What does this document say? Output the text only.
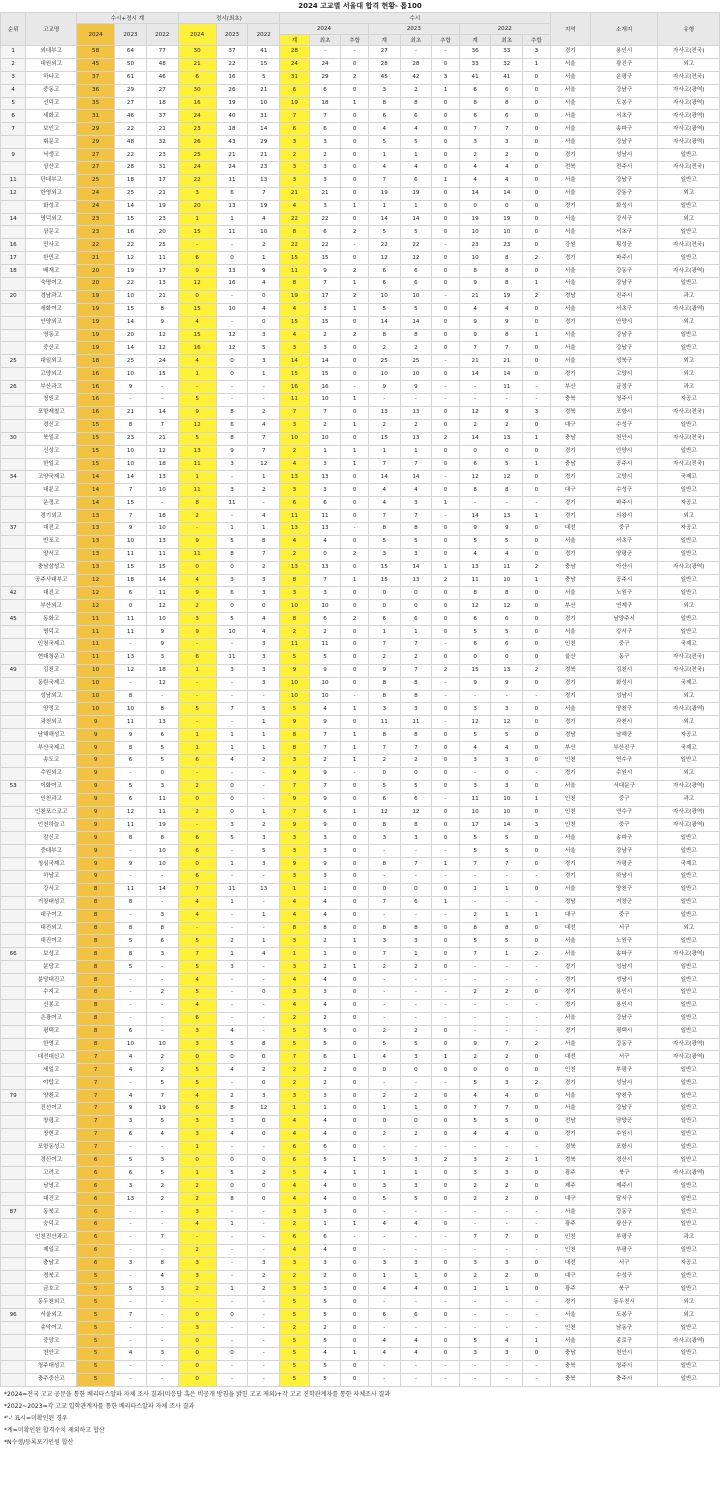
2024 고교별 서울대 합격 현황- 톱100
순위	고교명	수시+정시 계			정시(최초)			수시									지역	소재지	유형
		2024	2023	2022	2024	2023	2022	2024			2023			2022					
								계	최초	추합	계	최초	추합	계	최초	추합			
1	외대부고	58	64	77	30	37	41	28	-	-	27	-	-	36	33	3	경기	용인시	자사고(전국)
2	대원외고	45	50	48	21	22	15	24	24	0	28	28	0	33	32	1	서울	광진구	외고
3	하나고	37	61	46	6	16	5	31	29	2	45	42	3	41	41	0	서울	은평구	자사고(전국)
4	중동고	36	29	27	30	26	21	6	6	0	3	2	1	6	6	0	서울	강남구	자사고(광역)
5	선덕고	35	27	18	16	19	10	19	18	1	8	8	0	8	8	0	서울	도봉구	자사고(광역)
6	세화고	31	46	37	24	40	31	7	7	0	6	6	0	6	6	0	서울	서초구	자사고(광역)
7	보인고	29	22	21	23	18	14	6	6	0	4	4	0	7	7	0	서울	송파구	자사고(광역)
	휘문고	29	48	32	26	43	29	3	3	0	5	5	0	3	3	0	서울	강남구	자사고(광역)
9	낙생고	27	22	23	25	21	21	2	2	0	1	1	0	2	2	0	경기	성남시	일반고
	상산고	27	28	31	24	24	23	3	3	0	4	4	0	4	4	0	전북	전주시	자사고(전국)
11	단대부고	25	18	17	22	11	13	3	3	0	7	6	1	4	4	0	서울	강남구	일반고
12	한영외고	24	25	21	3	6	7	21	21	0	19	19	0	14	14	0	서울	강동구	외고
	화성고	24	14	19	20	13	19	4	3	1	1	1	0	0	0	0	경기	화성시	일반고
14	명덕외고	23	15	23	1	1	4	22	22	0	14	14	0	19	19	0	서울	강서구	외고
	상문고	23	16	20	15	11	10	8	6	2	5	5	0	10	10	0	서울	서초구	일반고
16	민사고	22	22	25	-	-	2	22	22	-	22	22	-	23	23	0	강원	횡성군	자사고(전국)
17	한민고	21	12	11	6	0	1	15	15	0	12	12	0	10	8	2	경기	파주시	일반고
18	배재고	20	19	17	9	13	9	11	9	2	6	6	0	8	8	0	서울	강동구	자사고(광역)
	숙명여고	20	22	13	12	16	4	8	7	1	6	6	0	9	8	1	서울	강남구	일반고
20	경남과고	19	10	21	0	-	0	19	17	2	10	10	-	21	19	2	경남	진주시	과고
	세화여고	19	15	8	15	10	4	4	3	1	5	5	0	4	4	0	서울	서초구	자사고(광역)
	안양외고	19	14	9	4	-	0	15	15	0	14	14	0	9	9	0	경기	안양시	외고
	영동고	19	20	12	15	12	3	4	2	2	8	8	0	9	8	1	서울	강남구	일반고
	중산고	19	14	12	16	12	5	3	3	0	2	2	0	7	7	0	서울	강남구	일반고
25	대일외고	18	25	24	4	0	3	14	14	0	25	25	-	21	21	0	서울	성북구	외고
	고양외고	16	10	15	1	0	1	15	15	0	10	10	0	14	14	0	경기	고양시	외고
26	부산과고	16	9	-	-	-	-	16	16	-	9	9	-	-	11	-	부산	금정구	과고
	청원고	16	-	-	5	-	-	11	10	1	-	-	-	-	-	-	충북	청주시	자공고
	포항제철고	16	21	14	9	8	2	7	7	0	13	13	0	12	9	3	경북	포항시	자사고(전국)
	경신고	15	8	7	12	6	4	3	2	1	2	2	0	2	2	0	대구	수성구	일반고
30	북일고	15	23	21	5	8	7	10	10	0	15	13	2	14	13	1	충남	천안시	자사고(전국)
	신성고	15	10	12	13	9	7	2	1	1	1	1	0	0	0	0	경기	안양시	일반고
	한일고	15	10	18	11	3	12	4	3	1	7	7	0	6	5	1	충남	공주시	자사고(전국)
34	고양국제고	14	14	13	1	-	1	13	13	0	14	14	-	12	12	0	경기	고양시	국제고
	대륜고	14	7	10	11	3	2	3	3	0	4	4	0	8	8	0	대구	수성구	일반고
	운정고	14	15	-	8	11	-	6	6	0	4	3	1	-	-	-	경기	파주시	자공고
	경기외고	13	7	18	2	-	4	11	11	0	7	7	-	14	13	1	경기	의왕시	외고
37	대전고	13	9	10	-	1	1	13	13	-	8	8	0	9	9	0	대전	중구	자공고
	반포고	13	10	13	9	5	8	4	4	0	5	5	0	5	5	0	서울	서초구	일반고
	양서고	13	11	11	11	8	7	2	0	2	3	3	0	4	4	0	경기	양평군	일반고
	충남삼성고	13	15	15	0	0	2	13	13	0	15	14	1	13	11	2	충남	아산시	자사고(광역)
	공주사대부고	12	18	14	4	3	3	8	7	1	15	13	2	11	10	1	충남	공주시	일반고
42	대진고	12	6	11	9	6	3	3	3	0	0	0	0	8	8	0	서울	노원구	일반고
	부산외고	12	0	12	2	0	0	10	10	0	0	0	0	12	12	0	부산	연제구	외고
45	동화고	11	11	10	3	5	4	8	6	2	6	6	0	6	6	0	경기	남양주시	일반고
	명덕고	11	11	9	9	10	4	2	2	0	1	1	0	5	5	0	서울	강서구	일반고
	인천국제고	11	-	9	-	-	3	11	11	0	7	7	-	6	6	0	인천	중구	국제고
	현대청운고	11	13	3	6	11	3	5	5	0	2	2	0	0	0	0	울산	동구	자사고(전국)
49	김천고	10	12	18	1	3	3	9	9	0	9	7	2	15	13	2	경북	김천시	자사고(전국)
	동탄국제고	10	-	12	-	-	3	10	10	0	8	8	-	9	9	0	경기	화성시	국제고
	성남외고	10	8	-	-	-	-	10	10	-	8	8	-	-	-	-	경기	성남시	외고
	양정고	10	10	8	5	7	5	5	4	1	3	3	0	3	3	0	서울	양천구	자사고(광역)
	과천외고	9	11	13	-	-	1	9	9	0	11	11	-	12	12	0	경기	과천시	외고
	남해해성고	9	9	6	1	1	1	8	7	1	8	8	0	5	5	0	경남	남해군	자공고
	부산국제고	9	8	5	1	1	1	8	7	1	7	7	0	4	4	0	부산	부산진구	국제고
	송도고	9	6	5	6	4	2	3	2	1	2	2	0	3	3	0	인천	연수구	일반고
	수원외고	9	-	0	-	-	-	9	9	-	0	0	0	-	0	-	경기	수원시	외고
53	이화여고	9	5	3	2	0	-	7	7	0	5	5	0	3	3	0	서울	서대문구	자사고(광역)
	인천과고	9	6	11	0	0	-	9	9	0	6	6	-	11	10	1	인천	중구	과고
	인천포스코고	9	12	11	2	0	1	7	6	1	12	12	0	10	10	0	인천	연수구	자사고(광역)
	인천하늘고	9	11	19	-	3	2	9	9	0	8	8	0	17	14	3	인천	중구	자사고(광역)
	잠신고	9	8	8	6	5	3	3	3	0	3	3	0	5	5	0	서울	송파구	일반고
	중대부고	9	-	10	6	-	5	3	3	0	-	-	-	5	5	0	서울	강남구	일반고
	청심국제고	9	9	10	0	1	3	9	9	0	8	7	1	7	7	0	경기	가평군	국제고
	하남고	9	-	-	6	-	-	3	3	0	-	-	-	-	-	-	경기	하남시	일반고
	강서고	8	11	14	7	11	13	1	1	0	0	0	0	1	1	0	서울	양천구	일반고
	거창대성고	8	8	-	4	1	-	4	4	0	7	6	1	-	-	-	경남	거창군	일반고
	대구여고	8	-	3	4	-	1	4	4	0	-	-	-	2	1	1	대구	중구	일반고
	대전외고	8	8	8	-	-	-	8	8	0	8	8	0	8	8	0	대전	서구	외고
	대진여고	8	5	6	5	2	1	3	2	1	3	3	0	5	5	0	서울	노원구	일반고
66	보성고	8	8	3	7	1	4	1	1	0	7	1	0	7	1	2	서울	송파구	자사고(광역)
	분당고	8	5	-	5	3	-	3	2	1	2	2	0	-	-	-	경기	성남시	일반고
	분당대진고	8	-	-	4	-	-	4	4	0	-	-	-	-	-	-	경기	성남시	일반고
	수지고	8	-	2	5	-	0	3	3	0	-	-	-	2	2	0	경기	용인시	일반고
	신봉고	8	-	-	4	-	-	4	4	0	-	-	-	-	-	-	경기	용인시	일반고
	은광여고	8	-	-	6	-	-	2	2	0	-	-	-	-	-	-	서울	강남구	일반고
	평택고	8	6	-	3	4	-	5	5	0	2	2	0	-	-	-	경기	평택시	일반고
	한영고	8	10	10	3	5	8	5	5	0	5	5	0	9	7	2	서울	강동구	자사고(광역)
	대전대신고	7	4	2	0	0	0	7	6	1	4	3	1	2	2	0	대전	서구	자사고(광역)
	세일고	7	4	2	5	4	2	2	2	0	0	0	0	0	0	0	인천	부평구	일반고
	야탑고	7	-	5	5	-	0	2	2	0	-	-	-	5	3	2	경기	성남시	일반고
79	양천고	7	4	7	4	2	3	3	3	0	2	2	0	4	4	0	서울	양천구	일반고
	진선여고	7	9	19	6	8	12	1	1	0	1	1	0	7	7	0	서울	강남구	일반고
	창평고	7	3	5	3	3	0	4	4	0	0	0	0	5	5	0	전남	담양군	일반고
	창현고	7	6	4	3	4	0	4	4	0	2	2	0	4	4	0	경기	수원시	일반고
	포항동성고	7	-	-	1	-	-	6	6	0	-	-	-	-	-	-	경북	포항시	일반고
	경신여고	6	5	3	0	0	0	6	5	1	5	3	2	3	2	1	경북	경산시	일반고
	고려고	6	6	5	1	5	2	5	4	1	1	1	0	3	3	0	광주	북구	자사고(광역)
	남녕고	6	3	2	2	0	0	4	4	0	3	3	0	2	2	0	제주	제주시	일반고
	대건고	6	13	2	2	8	0	4	4	0	5	5	0	2	2	0	대구	달서구	일반고
87	동북고	6	-	-	3	-	-	3	3	0	-	-	-	-	-	-	서울	강동구	일반고
	숭덕고	6	-	-	4	1	-	2	1	1	4	4	0	-	-	-	광주	광산구	일반고
	인천진산과고	6	-	7	-	-	-	6	6	-	-	-	-	7	7	0	인천	부평구	과고
	제일고	6	-	-	2	-	-	4	4	0	-	-	-	-	-	-	인천	부평구	일반고
	충남고	6	3	8	3	-	3	3	3	0	3	3	0	3	3	0	대전	서구	자공고
	경북고	5	-	4	3	-	2	2	2	0	1	1	0	2	2	0	대구	수성구	일반고
	금호고	5	5	3	2	1	2	3	3	0	4	4	0	1	1	0	광주	북구	일반고
	동두천외고	5	-	-	-	-	-	5	5	0	-	-	-	-	-	-	경기	동두천시	외고
96	서울외고	5	7	-	0	0	-	5	5	0	6	6	0	-	-	-	서울	도봉구	외고
	송악여고	5	-	-	3	-	-	2	2	0	-	-	-	-	-	-	인천	남동구	일반고
	중앙고	5	-	-	0	-	-	5	5	0	4	4	0	5	4	1	서울	종로구	자사고(광역)
	천안고	5	4	3	0	0	-	5	4	1	4	4	0	3	3	0	충남	천안시	일반고
	청주대성고	5	-	-	0	-	-	5	5	0	-	-	-	-	-	-	충북	청주시	일반고
	충주중산고	5	-	-	0	-	-	5	5	0	-	-	-	-	-	-	충북	충주시	일반고
*2024=전국 고교 공문을 통한 베리타스알파 자체 조사 결과(미응답 혹은 비공개 방침을 밝힌 고교 제외)+각 고교 진학관계자를 통한 자체조사 결과
*2022~2023=각 고교 입학관계자를 통한 베리타스알파 자체 조사 결과
*'-' 표시=미확인된 경우
*계=미확인된 합격수치 제외하고 합산
*N수생/등록포기인원 합산
